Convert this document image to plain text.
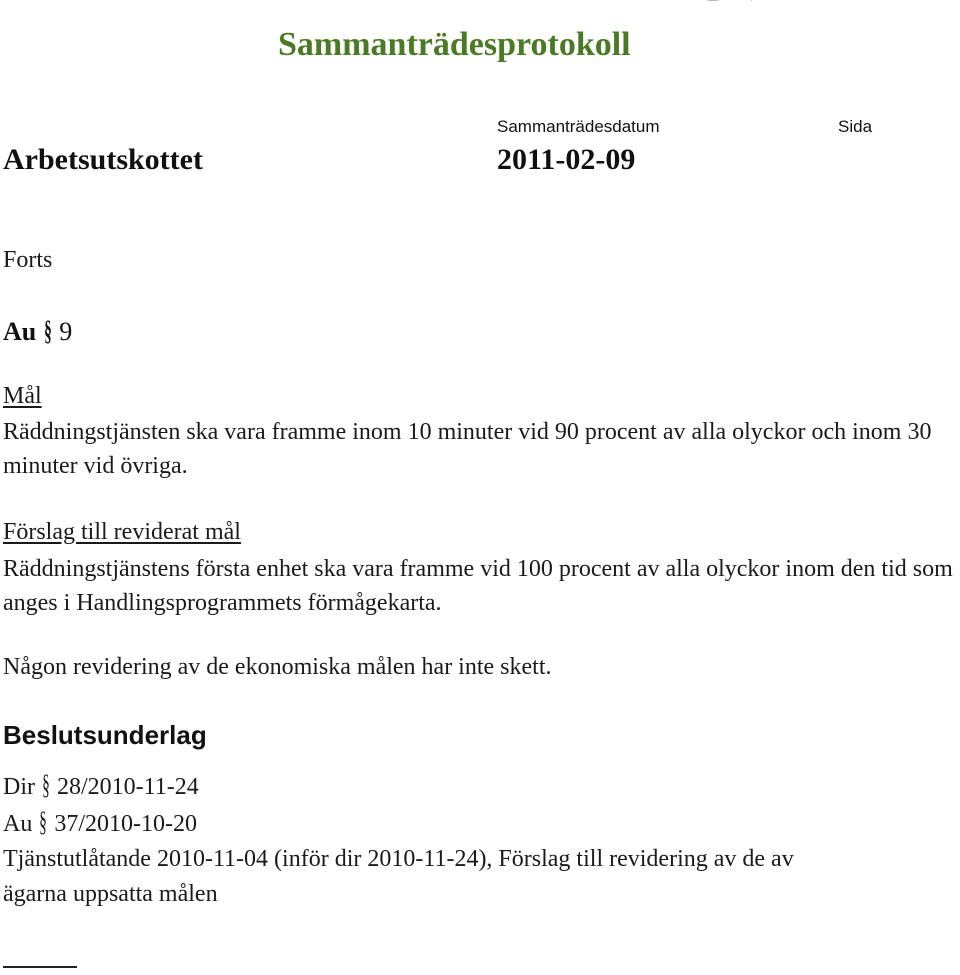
Sammanträdesprotokoll
Sammanträdesdatum	Sida
Arbetsutskottet	2011-02-09
Forts
Au § 9
Mål
Räddningstjänsten ska vara framme inom 10 minuter vid 90 procent av alla olyckor och inom 30 minuter vid övriga.
Förslag till reviderat mål
Räddningstjänstens första enhet ska vara framme vid 100 procent av alla olyckor inom den tid som anges i Handlingsprogrammets förmågekarta.
Någon revidering av de ekonomiska målen har inte skett.
Beslutsunderlag
Dir § 28/2010-11-24
Au § 37/2010-10-20
Tjänstutlåtande 2010-11-04 (inför dir 2010-11-24), Förslag till revidering av de av
ägarna uppsatta målen
